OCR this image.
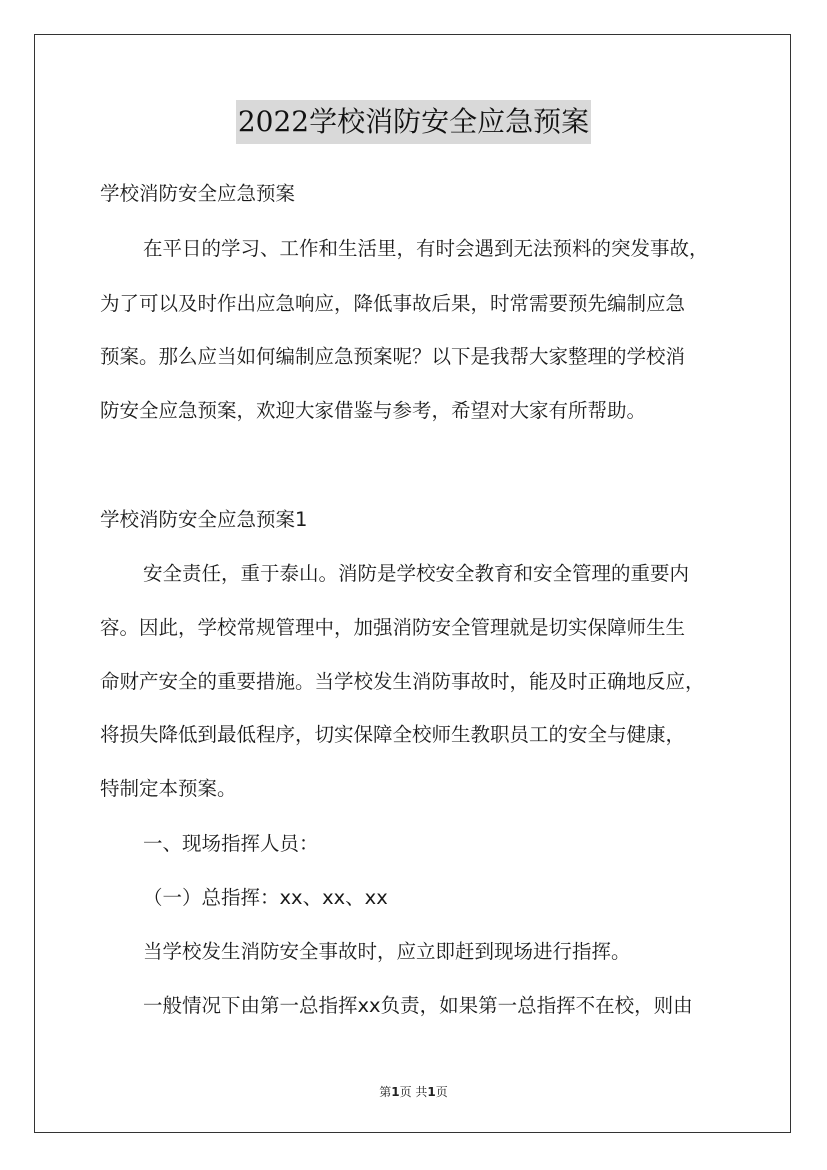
2022学校消防安全应急预案
学校消防安全应急预案
在平日的学习、工作和生活里，有时会遇到无法预料的突发事故，
为了可以及时作出应急响应，降低事故后果，时常需要预先编制应急
预案。那么应当如何编制应急预案呢？以下是我帮大家整理的学校消
防安全应急预案，欢迎大家借鉴与参考，希望对大家有所帮助。
学校消防安全应急预案1
安全责任，重于泰山。消防是学校安全教育和安全管理的重要内
容。因此，学校常规管理中，加强消防安全管理就是切实保障师生生
命财产安全的重要措施。当学校发生消防事故时，能及时正确地反应，
将损失降低到最低程序，切实保障全校师生教职员工的安全与健康，
特制定本预案。
一、现场指挥人员：
（一）总指挥：xx、xx、xx
当学校发生消防安全事故时，应立即赶到现场进行指挥。
一般情况下由第一总指挥xx负责，如果第一总指挥不在校，则由
第1页 共1页
